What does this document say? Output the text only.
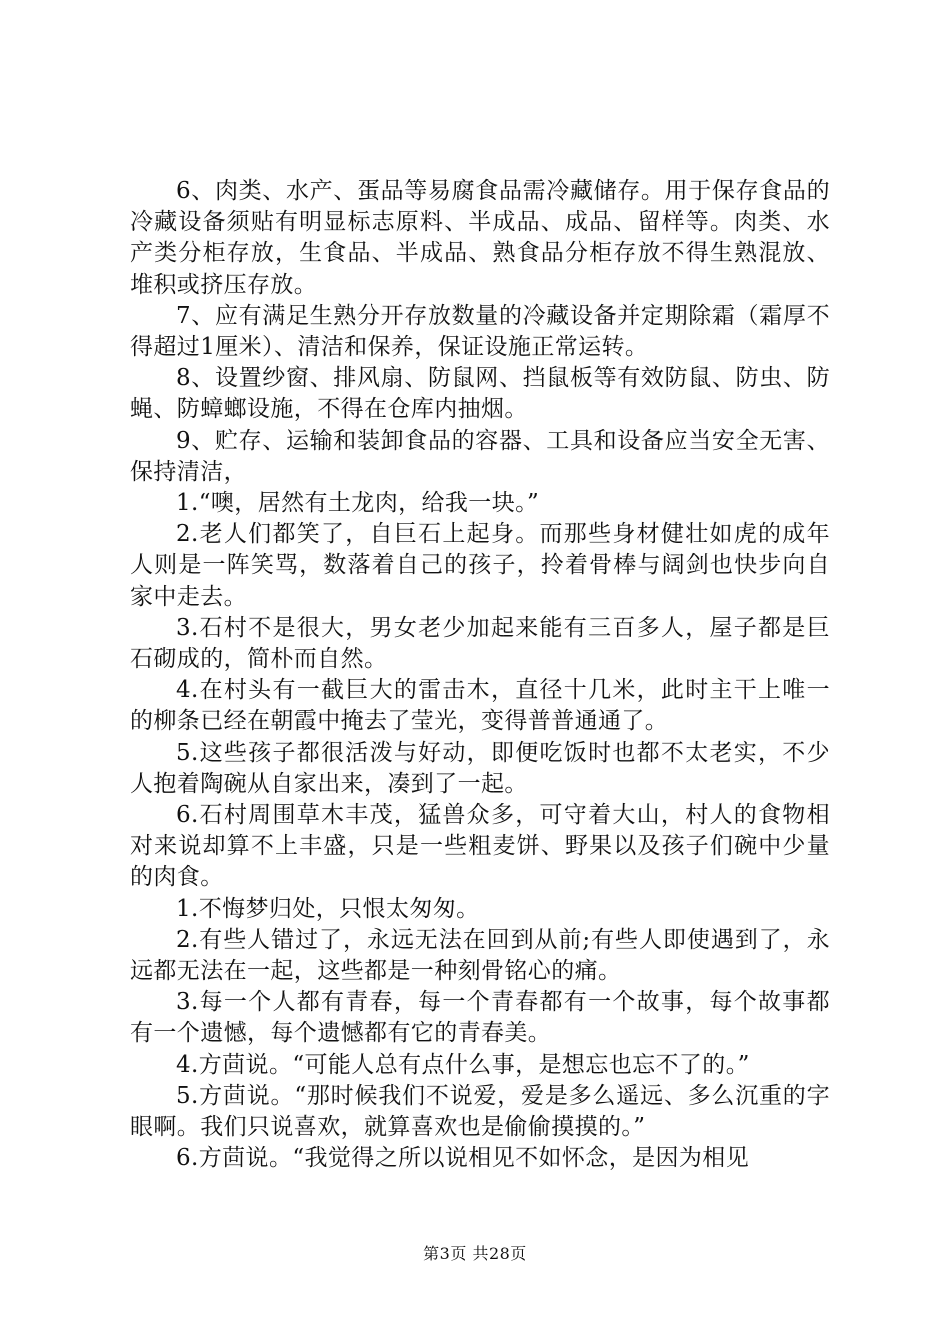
6、肉类、水产、蛋品等易腐食品需冷藏储存。用于保存食品的冷藏设备须贴有明显标志原料、半成品、成品、留样等。肉类、水产类分柜存放，生食品、半成品、熟食品分柜存放不得生熟混放、堆积或挤压存放。

7、应有满足生熟分开存放数量的冷藏设备并定期除霜（霜厚不得超过1厘米）、清洁和保养，保证设施正常运转。

8、设置纱窗、排风扇、防鼠网、挡鼠板等有效防鼠、防虫、防蝇、防蟑螂设施，不得在仓库内抽烟。

9、贮存、运输和装卸食品的容器、工具和设备应当安全无害、保持清洁，

1.“噢，居然有土龙肉，给我一块。”

2.老人们都笑了，自巨石上起身。而那些身材健壮如虎的成年人则是一阵笑骂，数落着自己的孩子，拎着骨棒与阔剑也快步向自家中走去。

3.石村不是很大，男女老少加起来能有三百多人，屋子都是巨石砌成的，简朴而自然。

4.在村头有一截巨大的雷击木，直径十几米，此时主干上唯一的柳条已经在朝霞中掩去了莹光，变得普普通通了。

5.这些孩子都很活泼与好动，即便吃饭时也都不太老实，不少人抱着陶碗从自家出来，凑到了一起。

6.石村周围草木丰茂，猛兽众多，可守着大山，村人的食物相对来说却算不上丰盛，只是一些粗麦饼、野果以及孩子们碗中少量的肉食。

1.不悔梦归处，只恨太匆匆。

2.有些人错过了，永远无法在回到从前;有些人即使遇到了，永远都无法在一起，这些都是一种刻骨铭心的痛。

3.每一个人都有青春，每一个青春都有一个故事，每个故事都有一个遗憾，每个遗憾都有它的青春美。

4.方茴说。“可能人总有点什么事，是想忘也忘不了的。”

5.方茴说。“那时候我们不说爱，爱是多么遥远、多么沉重的字眼啊。我们只说喜欢，就算喜欢也是偷偷摸摸的。”

6.方茴说。“我觉得之所以说相见不如怀念，是因为相见

第3页 共28页
